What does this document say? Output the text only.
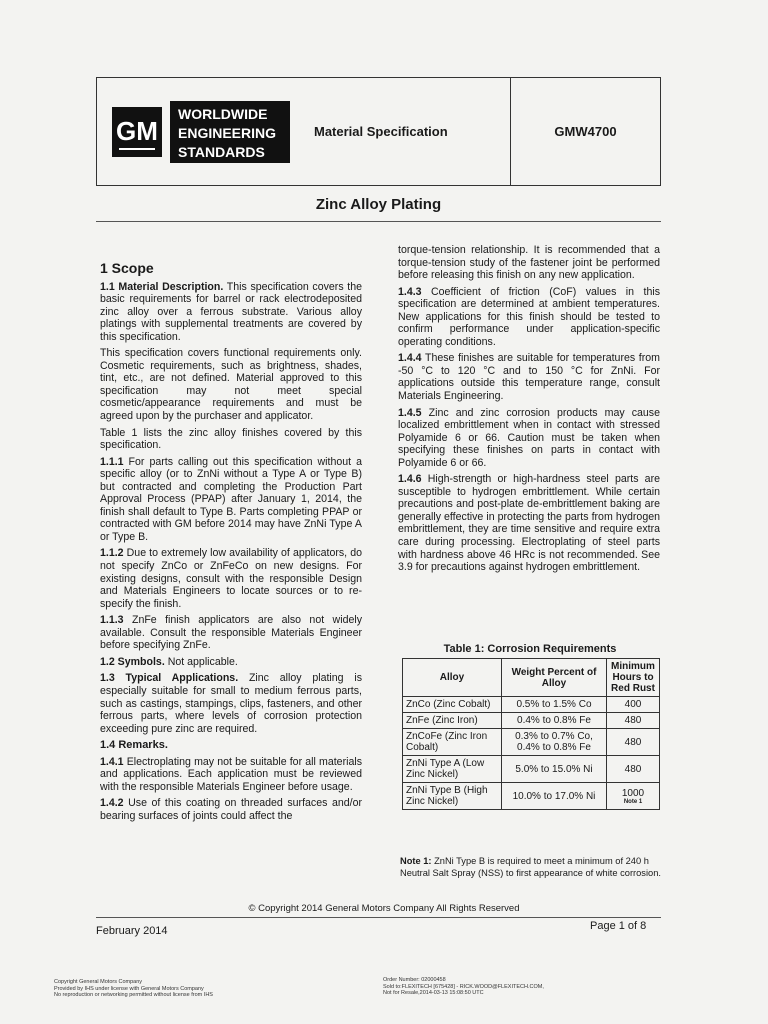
GM
WORLDWIDE
ENGINEERING
STANDARDS
Material Specification	GMW4700
Zinc Alloy Plating
1 Scope

1.1 Material Description. This specification covers the basic requirements for barrel or rack electrodeposited zinc alloy over a ferrous substrate. Various alloy platings with supplemental treatments are covered by this specification.

This specification covers functional requirements only. Cosmetic requirements, such as brightness, shades, tint, etc., are not defined. Material approved to this specification may not meet special cosmetic/appearance requirements and must be agreed upon by the purchaser and applicator.

Table 1 lists the zinc alloy finishes covered by this specification.

1.1.1 For parts calling out this specification without a specific alloy (or to ZnNi without a Type A or Type B) but contracted and completing the Production Part Approval Process (PPAP) after January 1, 2014, the finish shall default to Type B. Parts completing PPAP or contracted with GM before 2014 may have ZnNi Type A or Type B.

1.1.2 Due to extremely low availability of applicators, do not specify ZnCo or ZnFeCo on new designs. For existing designs, consult with the responsible Design and Materials Engineers to locate sources or to re-specify the finish.

1.1.3 ZnFe finish applicators are also not widely available. Consult the responsible Materials Engineer before specifying ZnFe.

1.2 Symbols. Not applicable.

1.3 Typical Applications. Zinc alloy plating is especially suitable for small to medium ferrous parts, such as castings, stampings, clips, fasteners, and other ferrous parts, where levels of corrosion protection exceeding pure zinc are required.

1.4 Remarks.

1.4.1 Electroplating may not be suitable for all materials and applications. Each application must be reviewed with the responsible Materials Engineer before usage.

1.4.2 Use of this coating on threaded surfaces and/or bearing surfaces of joints could affect the

torque-tension relationship. It is recommended that a torque-tension study of the fastener joint be performed before releasing this finish on any new application.

1.4.3 Coefficient of friction (CoF) values in this specification are determined at ambient temperatures. New applications for this finish should be tested to confirm performance under application-specific operating conditions.

1.4.4 These finishes are suitable for temperatures from -50 °C to 120 °C and to 150 °C for ZnNi. For applications outside this temperature range, consult Materials Engineering.

1.4.5 Zinc and zinc corrosion products may cause localized embrittlement when in contact with stressed Polyamide 6 or 66. Caution must be taken when specifying these finishes on parts in contact with Polyamide 6 or 66.

1.4.6 High-strength or high-hardness steel parts are susceptible to hydrogen embrittlement. While certain precautions and post-plate de-embrittlement baking are generally effective in protecting the parts from hydrogen embrittlement, they are time sensitive and require extra care during processing. Electroplating of steel parts with hardness above 46 HRc is not recommended. See 3.9 for precautions against hydrogen embrittlement.

Table 1: Corrosion Requirements
Alloy	Weight Percent of Alloy	Minimum Hours to Red Rust
ZnCo (Zinc Cobalt)	0.5% to 1.5% Co	400
ZnFe (Zinc Iron)	0.4% to 0.8% Fe	480
ZnCoFe (Zinc Iron Cobalt)	0.3% to 0.7% Co, 0.4% to 0.8% Fe	480
ZnNi Type A (Low Zinc Nickel)	5.0% to 15.0% Ni	480
ZnNi Type B (High Zinc Nickel)	10.0% to 17.0% Ni	1000
Note 1
Note 1: ZnNi Type B is required to meet a minimum of 240 h Neutral Salt Spray (NSS) to first appearance of white corrosion.
© Copyright 2014 General Motors Company All Rights Reserved
February 2014	Page 1 of 8
Copyright General Motors Company
Provided by IHS under license with General Motors Company
No reproduction or networking permitted without license from IHS
Order Number: 02000458
Sold to:FLEXITECH [675428] - RICK.WOOD@FLEXITECH.COM,
Not for Resale,2014-03-13 15:08:50 UTC
